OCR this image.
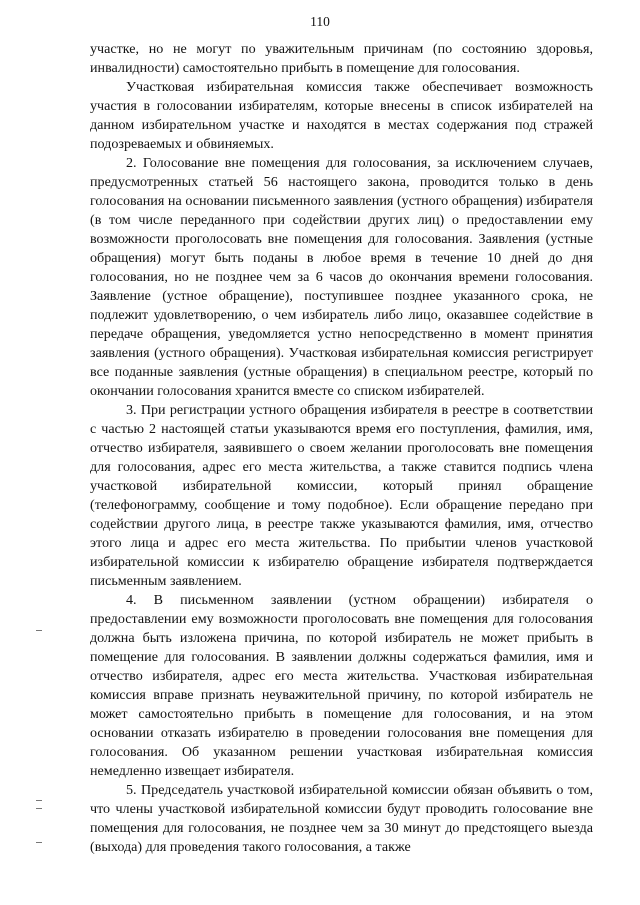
110

участке, но не могут по уважительным причинам (по состоянию здоровья, инвалидности) самостоятельно прибыть в помещение для голосования.

Участковая избирательная комиссия также обеспечивает возможность участия в голосовании избирателям, которые внесены в список избирателей на данном избирательном участке и находятся в местах содержания под стражей подозреваемых и обвиняемых.

2. Голосование вне помещения для голосования, за исключением случаев, предусмотренных статьей 56 настоящего закона, проводится только в день голосования на основании письменного заявления (устного обращения) избирателя (в том числе переданного при содействии других лиц) о предоставлении ему возможности проголосовать вне помещения для голосования. Заявления (устные обращения) могут быть поданы в любое время в течение 10 дней до дня голосования, но не позднее чем за 6 часов до окончания времени голосования. Заявление (устное обращение), поступившее позднее указанного срока, не подлежит удовлетворению, о чем избиратель либо лицо, оказавшее содействие в передаче обращения, уведомляется устно непосредственно в момент принятия заявления (устного обращения). Участковая избирательная комиссия регистрирует все поданные заявления (устные обращения) в специальном реестре, который по окончании голосования хранится вместе со списком избирателей.

3. При регистрации устного обращения избирателя в реестре в соответствии с частью 2 настоящей статьи указываются время его поступления, фамилия, имя, отчество избирателя, заявившего о своем желании проголосовать вне помещения для голосования, адрес его места жительства, а также ставится подпись члена участковой избирательной комиссии, который принял обращение (телефонограмму, сообщение и тому подобное). Если обращение передано при содействии другого лица, в реестре также указываются фамилия, имя, отчество этого лица и адрес его места жительства. По прибытии членов участковой избирательной комиссии к избирателю обращение избирателя подтверждается письменным заявлением.

4. В письменном заявлении (устном обращении) избирателя о предоставлении ему возможности проголосовать вне помещения для голосования должна быть изложена причина, по которой избиратель не может прибыть в помещение для голосования. В заявлении должны содержаться фамилия, имя и отчество избирателя, адрес его места жительства. Участковая избирательная комиссия вправе признать неуважительной причину, по которой избиратель не может самостоятельно прибыть в помещение для голосования, и на этом основании отказать избирателю в проведении голосования вне помещения для голосования. Об указанном решении участковая избирательная комиссия немедленно извещает избирателя.

5. Председатель участковой избирательной комиссии обязан объявить о том, что члены участковой избирательной комиссии будут проводить голосование вне помещения для голосования, не позднее чем за 30 минут до предстоящего выезда (выхода) для проведения такого голосования, а также
